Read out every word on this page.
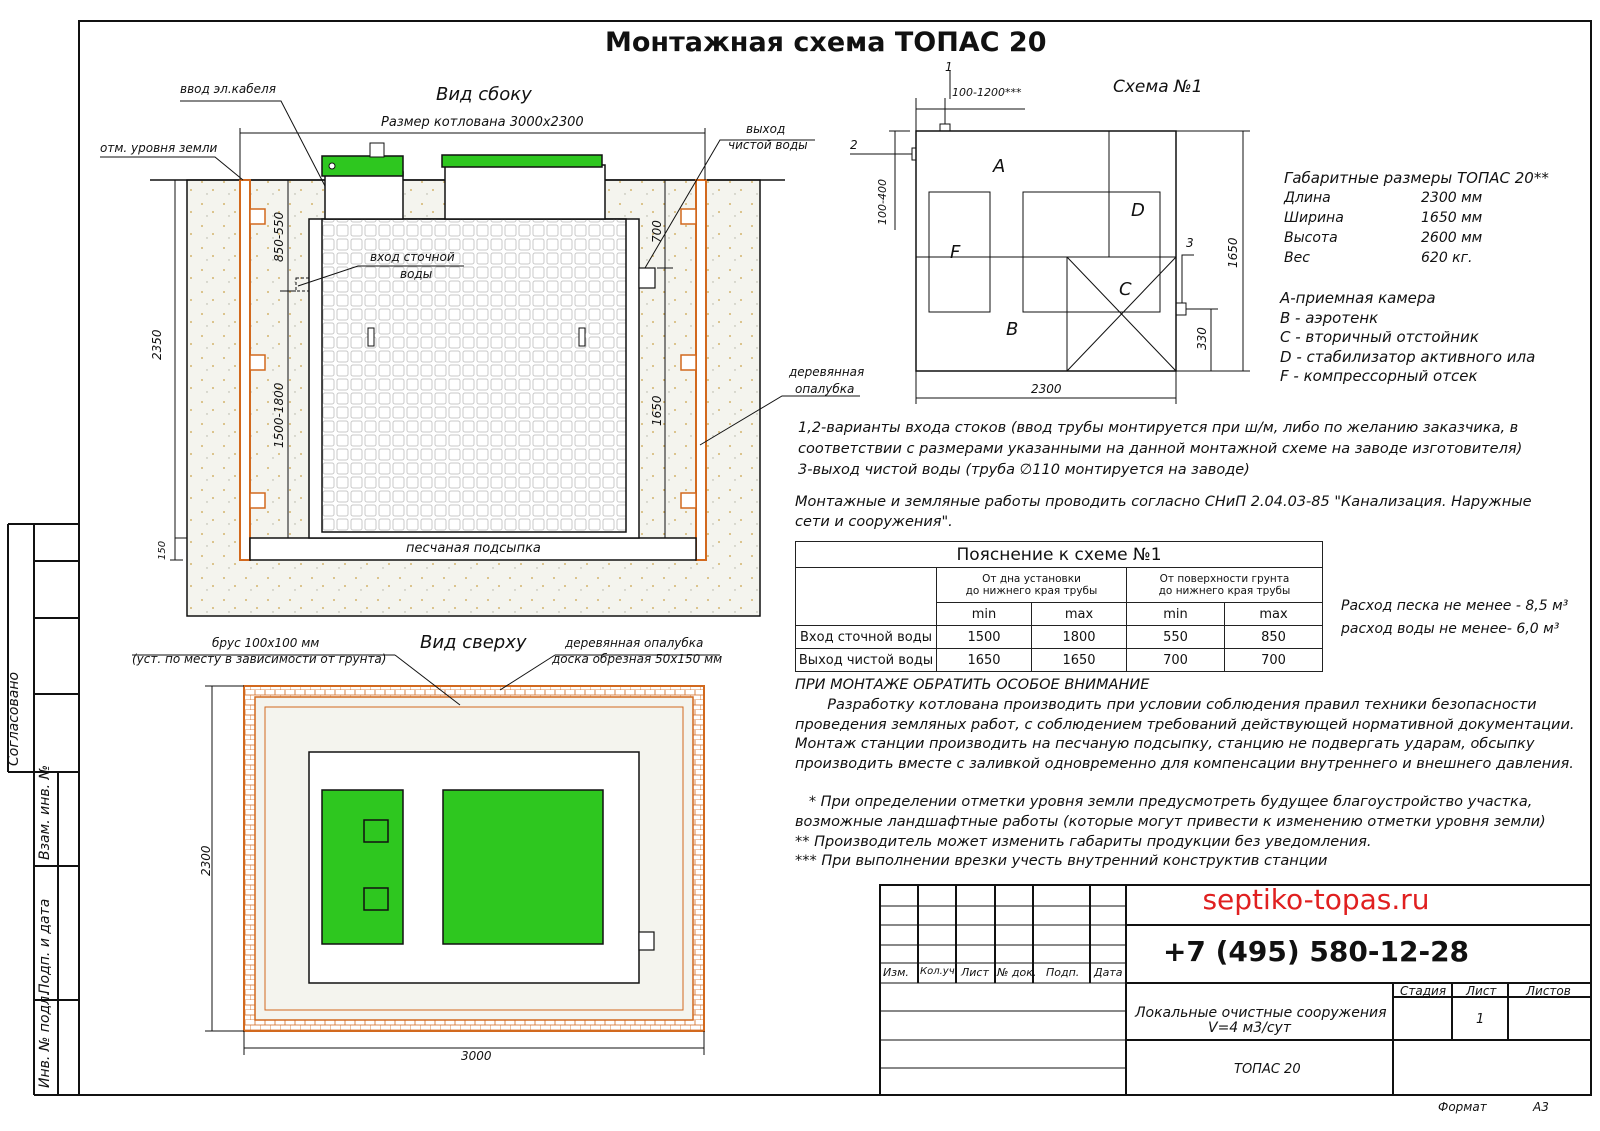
Монтажная схема ТОПАС 20
Вид сбоку
Размер котлована 3000x2300
ввод эл.кабеля
отм. уровня земли
выход
чистой воды
вход сточной
воды
деревянная
опалубка
песчаная подсыпка
2350
850-550
1500-1800
150
700
1650
Вид сверху
брус 100x100 мм
(уст. по месту в зависимости от грунта)
деревянная опалубка
доска обрезная 50x150 мм
2300
3000
Схема №1
1
2
3
100-1200***
100-400
1650
330
2300
A
B
C
D
F
Габаритные размеры ТОПАС 20**
Длина	2300 мм
Ширина	1650 мм
Высота	2600 мм
Вес	620 кг.
А-приемная камера
В - аэротенк
С - вторичный отстойник
D - стабилизатор активного ила
F - компрессорный отсек
1,2-варианты входа стоков (ввод трубы монтируется при ш/м, либо по желанию заказчика, в
соответствии с размерами указанными на данной монтажной схеме на заводе изготовителя)
3-выход чистой воды (труба ∅110 монтируется на заводе)
Монтажные и земляные работы проводить согласно СНиП 2.04.03-85 "Канализация. Наружные
сети и сооружения".
Пояснение к схеме №1				
	От дна установки
до нижнего края трубы		От поверхности грунта
до нижнего края трубы	
	min	max	min	max
Вход сточной воды	1500	1800	550	850
Выход чистой воды	1650	1650	700	700
Расход песка не менее - 8,5 м³
расход воды не менее- 6,0 м³
ПРИ МОНТАЖЕ ОБРАТИТЬ ОСОБОЕ ВНИМАНИЕ
Разработку котлована производить при условии соблюдения правил техники безопасности
проведения земляных работ, с соблюдением требований действующей нормативной документации.
Монтаж станции производить на песчаную подсыпку, станцию не подвергать ударам, обсыпку
производить вместе с заливкой одновременно для компенсации внутреннего и внешнего давления.
* При определении отметки уровня земли предусмотреть будущее благоустройство участка,
возможные ландшафтные работы (которые могут привести к изменению отметки уровня земли)
** Производитель может изменить габариты продукции без уведомления.
*** При выполнении врезки учесть внутренний конструктив станции
Изм. Кол.уч. Лист № док. Подп. Дата
septiko-topas.ru
+7 (495) 580-12-28
Стадия Лист Листов
1
Локальные очистные сооружения
V=4 м3/сут
ТОПАС 20
Формат	А3
Согласовано
Взам. инв. №
Подп. и дата
Инв. № подл.
